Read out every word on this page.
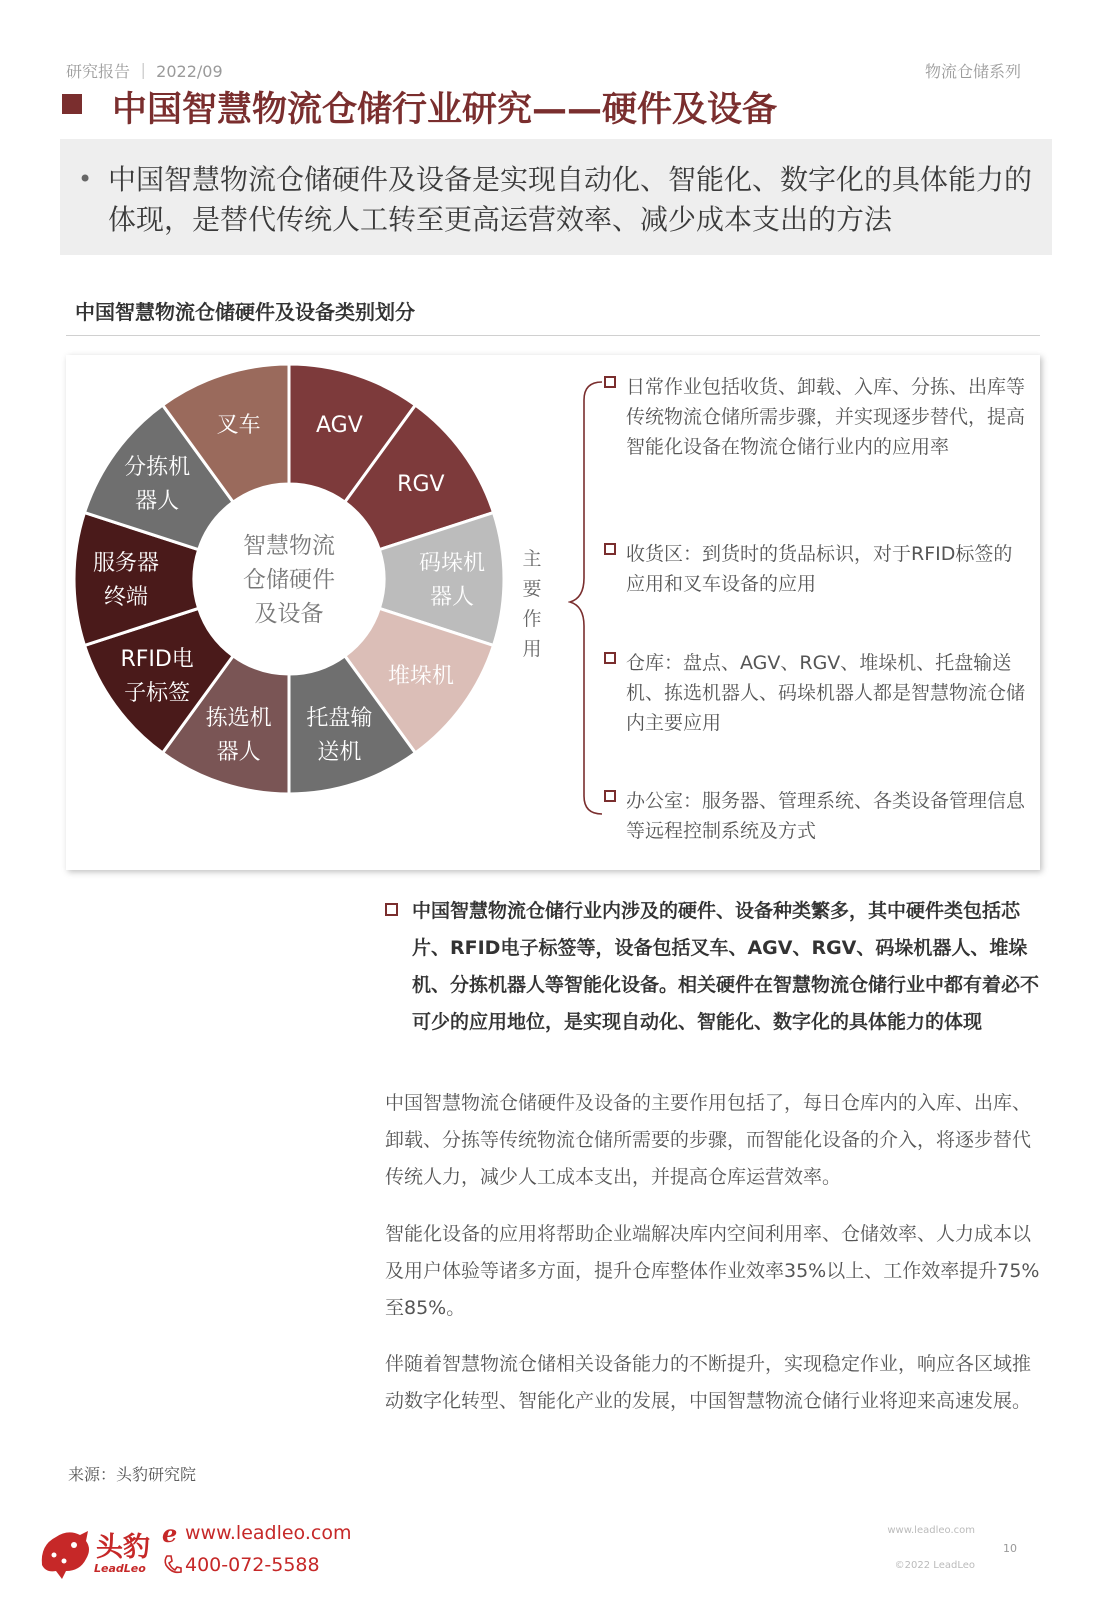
研究报告 ｜ 2022/09	物流仓储系列
中国智慧物流仓储行业研究——硬件及设备
• 中国智慧物流仓储硬件及设备是实现自动化、智能化、数字化的具体能力的体现，是替代传统人工转至更高运营效率、减少成本支出的方法
中国智慧物流仓储硬件及设备类别划分
AGV
RGV
码垛机器人
堆垛机
托盘输送机
拣选机器人
RFID电子标签
服务器终端
分拣机器人
叉车
智慧物流仓储硬件及设备
主
要
作
用
日常作业包括收货、卸载、入库、分拣、出库等传统物流仓储所需步骤，并实现逐步替代，提高智能化设备在物流仓储行业内的应用率
收货区：到货时的货品标识，对于RFID标签的应用和叉车设备的应用
仓库：盘点、AGV、RGV、堆垛机、托盘输送机、拣选机器人、码垛机器人都是智慧物流仓储内主要应用
办公室：服务器、管理系统、各类设备管理信息等远程控制系统及方式
中国智慧物流仓储行业内涉及的硬件、设备种类繁多，其中硬件类包括芯片、RFID电子标签等，设备包括叉车、AGV、RGV、码垛机器人、堆垛机、分拣机器人等智能化设备。相关硬件在智慧物流仓储行业中都有着必不可少的应用地位，是实现自动化、智能化、数字化的具体能力的体现
中国智慧物流仓储硬件及设备的主要作用包括了，每日仓库内的入库、出库、卸载、分拣等传统物流仓储所需要的步骤，而智能化设备的介入，将逐步替代传统人力，减少人工成本支出，并提高仓库运营效率。
智能化设备的应用将帮助企业端解决库内空间利用率、仓储效率、人力成本以及用户体验等诸多方面，提升仓库整体作业效率35%以上、工作效率提升75%至85%。
伴随着智慧物流仓储相关设备能力的不断提升，实现稳定作业，响应各区域推动数字化转型、智能化产业的发展，中国智慧物流仓储行业将迎来高速发展。
来源：头豹研究院
头豹
LeadLeo
e www.leadleo.com
400-072-5588
www.leadleo.com
©2022 LeadLeo
10
